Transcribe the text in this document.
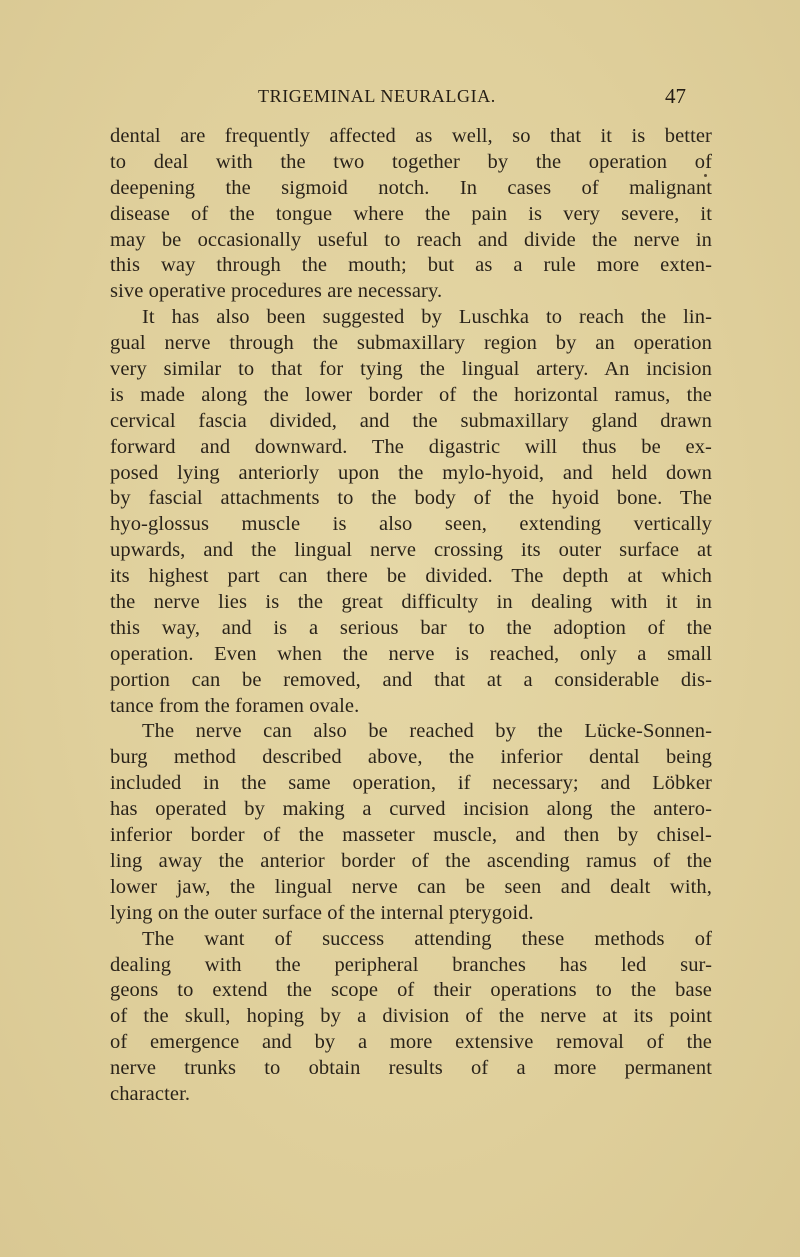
TRIGEMINAL NEURALGIA.	47
dental are frequently affected as well, so that it is better
to deal with the two together by the operation of
deepening the sigmoid notch. In cases of malignant
disease of the tongue where the pain is very severe, it
may be occasionally useful to reach and divide the nerve in
this way through the mouth; but as a rule more exten-
sive operative procedures are necessary.
It has also been suggested by Luschka to reach the lin-
gual nerve through the submaxillary region by an operation
very similar to that for tying the lingual artery. An incision
is made along the lower border of the horizontal ramus, the
cervical fascia divided, and the submaxillary gland drawn
forward and downward. The digastric will thus be ex-
posed lying anteriorly upon the mylo-hyoid, and held down
by fascial attachments to the body of the hyoid bone. The
hyo-glossus muscle is also seen, extending vertically
upwards, and the lingual nerve crossing its outer surface at
its highest part can there be divided. The depth at which
the nerve lies is the great difficulty in dealing with it in
this way, and is a serious bar to the adoption of the
operation. Even when the nerve is reached, only a small
portion can be removed, and that at a considerable dis-
tance from the foramen ovale.
The nerve can also be reached by the Lücke-Sonnen-
burg method described above, the inferior dental being
included in the same operation, if necessary; and Löbker
has operated by making a curved incision along the antero-
inferior border of the masseter muscle, and then by chisel-
ling away the anterior border of the ascending ramus of the
lower jaw, the lingual nerve can be seen and dealt with,
lying on the outer surface of the internal pterygoid.
The want of success attending these methods of
dealing with the peripheral branches has led sur-
geons to extend the scope of their operations to the base
of the skull, hoping by a division of the nerve at its point
of emergence and by a more extensive removal of the
nerve trunks to obtain results of a more permanent
character.
